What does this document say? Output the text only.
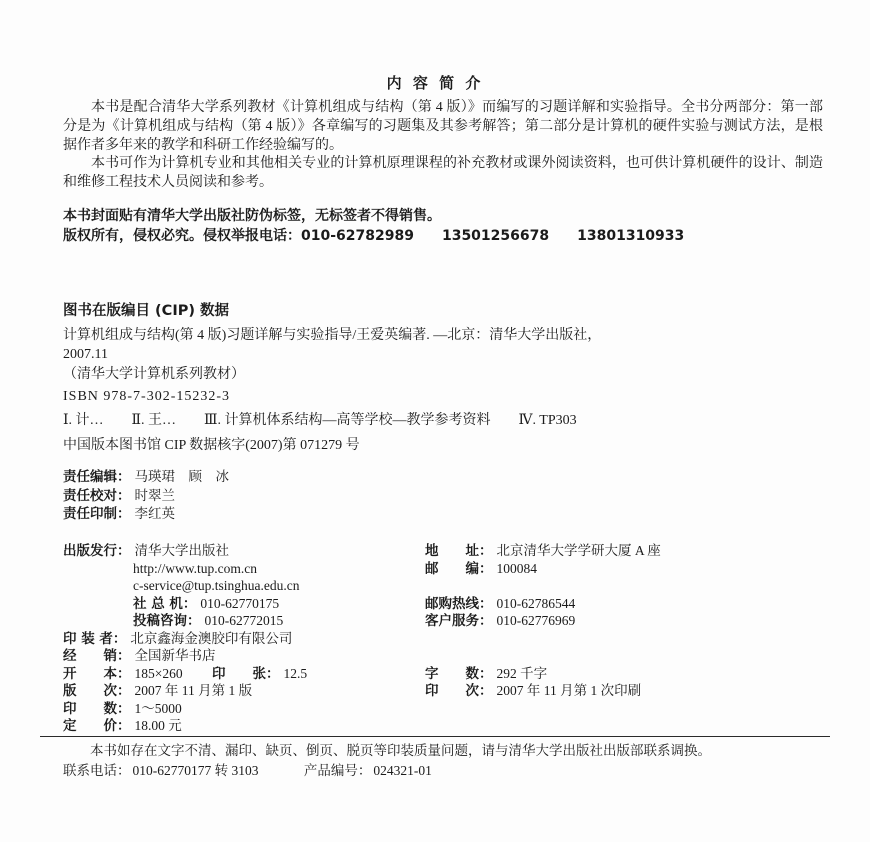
内 容 简 介
本书是配合清华大学系列教材《计算机组成与结构（第 4 版）》而编写的习题详解和实验指导。全书分两部分：第一部分是为《计算机组成与结构（第 4 版）》各章编写的习题集及其参考解答；第二部分是计算机的硬件实验与测试方法，是根据作者多年来的教学和科研工作经验编写的。
本书可作为计算机专业和其他相关专业的计算机原理课程的补充教材或课外阅读资料，也可供计算机硬件的设计、制造和维修工程技术人员阅读和参考。
本书封面贴有清华大学出版社防伪标签，无标签者不得销售。
版权所有，侵权必究。侵权举报电话：010-62782989　　13501256678　　13801310933
图书在版编目 (CIP) 数据
计算机组成与结构(第 4 版)习题详解与实验指导/王爱英编著. —北京：清华大学出版社，
2007.11
（清华大学计算机系列教材）
ISBN 978-7-302-15232-3
Ⅰ. 计…　　Ⅱ. 王…　　Ⅲ. 计算机体系结构—高等学校—教学参考资料　　Ⅳ. TP303
中国版本图书馆 CIP 数据核字(2007)第 071279 号
责任编辑： 马瑛珺　顾　冰
责任校对： 时翠兰
责任印制： 李红英
出版发行： 清华大学出版社	地　　址： 北京清华大学学研大厦 A 座
http://www.tup.com.cn	邮　　编： 100084
c-service@tup.tsinghua.edu.cn
社 总 机： 010-62770175	邮购热线： 010-62786544
投稿咨询： 010-62772015	客户服务： 010-62776969
印 装 者： 北京鑫海金澳胶印有限公司
经　　销： 全国新华书店
开　　本： 185×260 印　　张： 12.5	字　　数： 292 千字
版　　次： 2007 年 11 月第 1 版	印　　次： 2007 年 11 月第 1 次印刷
印　　数： 1～5000
定　　价： 18.00 元
本书如存在文字不清、漏印、缺页、倒页、脱页等印装质量问题，请与清华大学出版社出版部联系调换。
联系电话： 010-62770177 转 3103	产品编号： 024321-01
